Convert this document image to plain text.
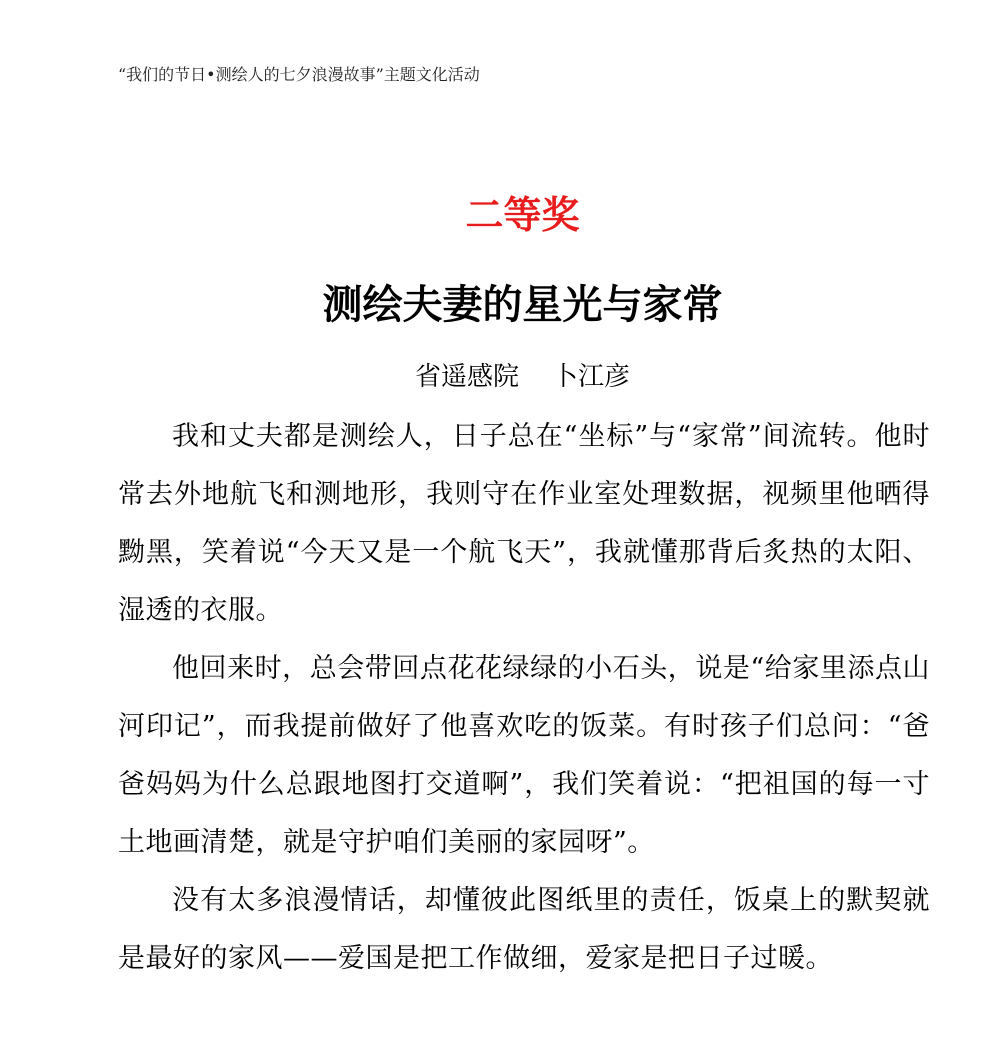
“我们的节日•测绘人的七夕浪漫故事”主题文化活动
二等奖
测绘夫妻的星光与家常
省遥感院    卜江彦

我和丈夫都是测绘人，日子总在“坐标”与“家常”间流转。他时常去外地航飞和测地形，我则守在作业室处理数据，视频里他晒得黝黑，笑着说“今天又是一个航飞天”，我就懂那背后炙热的太阳、湿透的衣服。

他回来时，总会带回点花花绿绿的小石头，说是“给家里添点山河印记”，而我提前做好了他喜欢吃的饭菜。有时孩子们总问：“爸爸妈妈为什么总跟地图打交道啊”，我们笑着说：“把祖国的每一寸土地画清楚，就是守护咱们美丽的家园呀”。

没有太多浪漫情话，却懂彼此图纸里的责任，饭桌上的默契就是最好的家风——爱国是把工作做细，爱家是把日子过暖。
